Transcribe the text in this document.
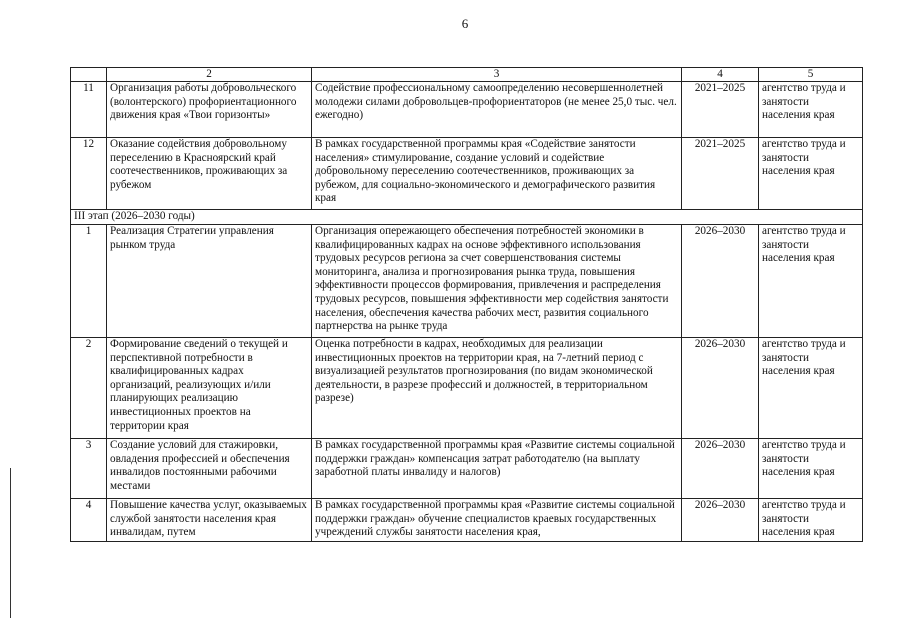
6
	2	3	4	5
11	Организация работы добровольческого (волонтерского) профориентационного движения края «Твои горизонты»	Содействие профессиональному самоопределению несовершеннолетней молодежи силами добровольцев-профориентаторов (не менее 25,0 тыс. чел. ежегодно)	2021–2025	агентство труда и занятости населения края
12	Оказание содействия добровольному переселению в Красноярский край соотечественников, проживающих за рубежом	В рамках государственной программы края «Содействие занятости населения» стимулирование, создание условий и содействие добровольному переселению соотечественников, проживающих за рубежом, для социально-экономического и демографического развития края	2021–2025	агентство труда и занятости населения края
III этап (2026–2030 годы)				
1	Реализация Стратегии управления рынком труда	Организация опережающего обеспечения потребностей экономики в квалифицированных кадрах на основе эффективного использования трудовых ресурсов региона за счет совершенствования системы мониторинга, анализа и прогнозирования рынка труда, повышения эффективности процессов формирования, привлечения и распределения трудовых ресурсов, повышения эффективности мер содействия занятости населения, обеспечения качества рабочих мест, развития социального партнерства на рынке труда	2026–2030	агентство труда и занятости населения края
2	Формирование сведений о текущей и перспективной потребности в квалифицированных кадрах организаций, реализующих и/или планирующих реализацию инвестиционных проектов на территории края	Оценка потребности в кадрах, необходимых для реализации инвестиционных проектов на территории края, на 7-летний период с визуализацией результатов прогнозирования (по видам экономической деятельности, в разрезе профессий и должностей, в территориальном разрезе)	2026–2030	агентство труда и занятости населения края
3	Создание условий для стажировки, овладения профессией и обеспечения инвалидов постоянными рабочими местами	В рамках государственной программы края «Развитие системы социальной поддержки граждан» компенсация затрат работодателю (на выплату заработной платы инвалиду и налогов)	2026–2030	агентство труда и занятости населения края
4	Повышение качества услуг, оказываемых службой занятости населения края инвалидам, путем	В рамках государственной программы края «Развитие системы социальной поддержки граждан» обучение специалистов краевых государственных учреждений службы занятости населения края,	2026–2030	агентство труда и занятости населения края
